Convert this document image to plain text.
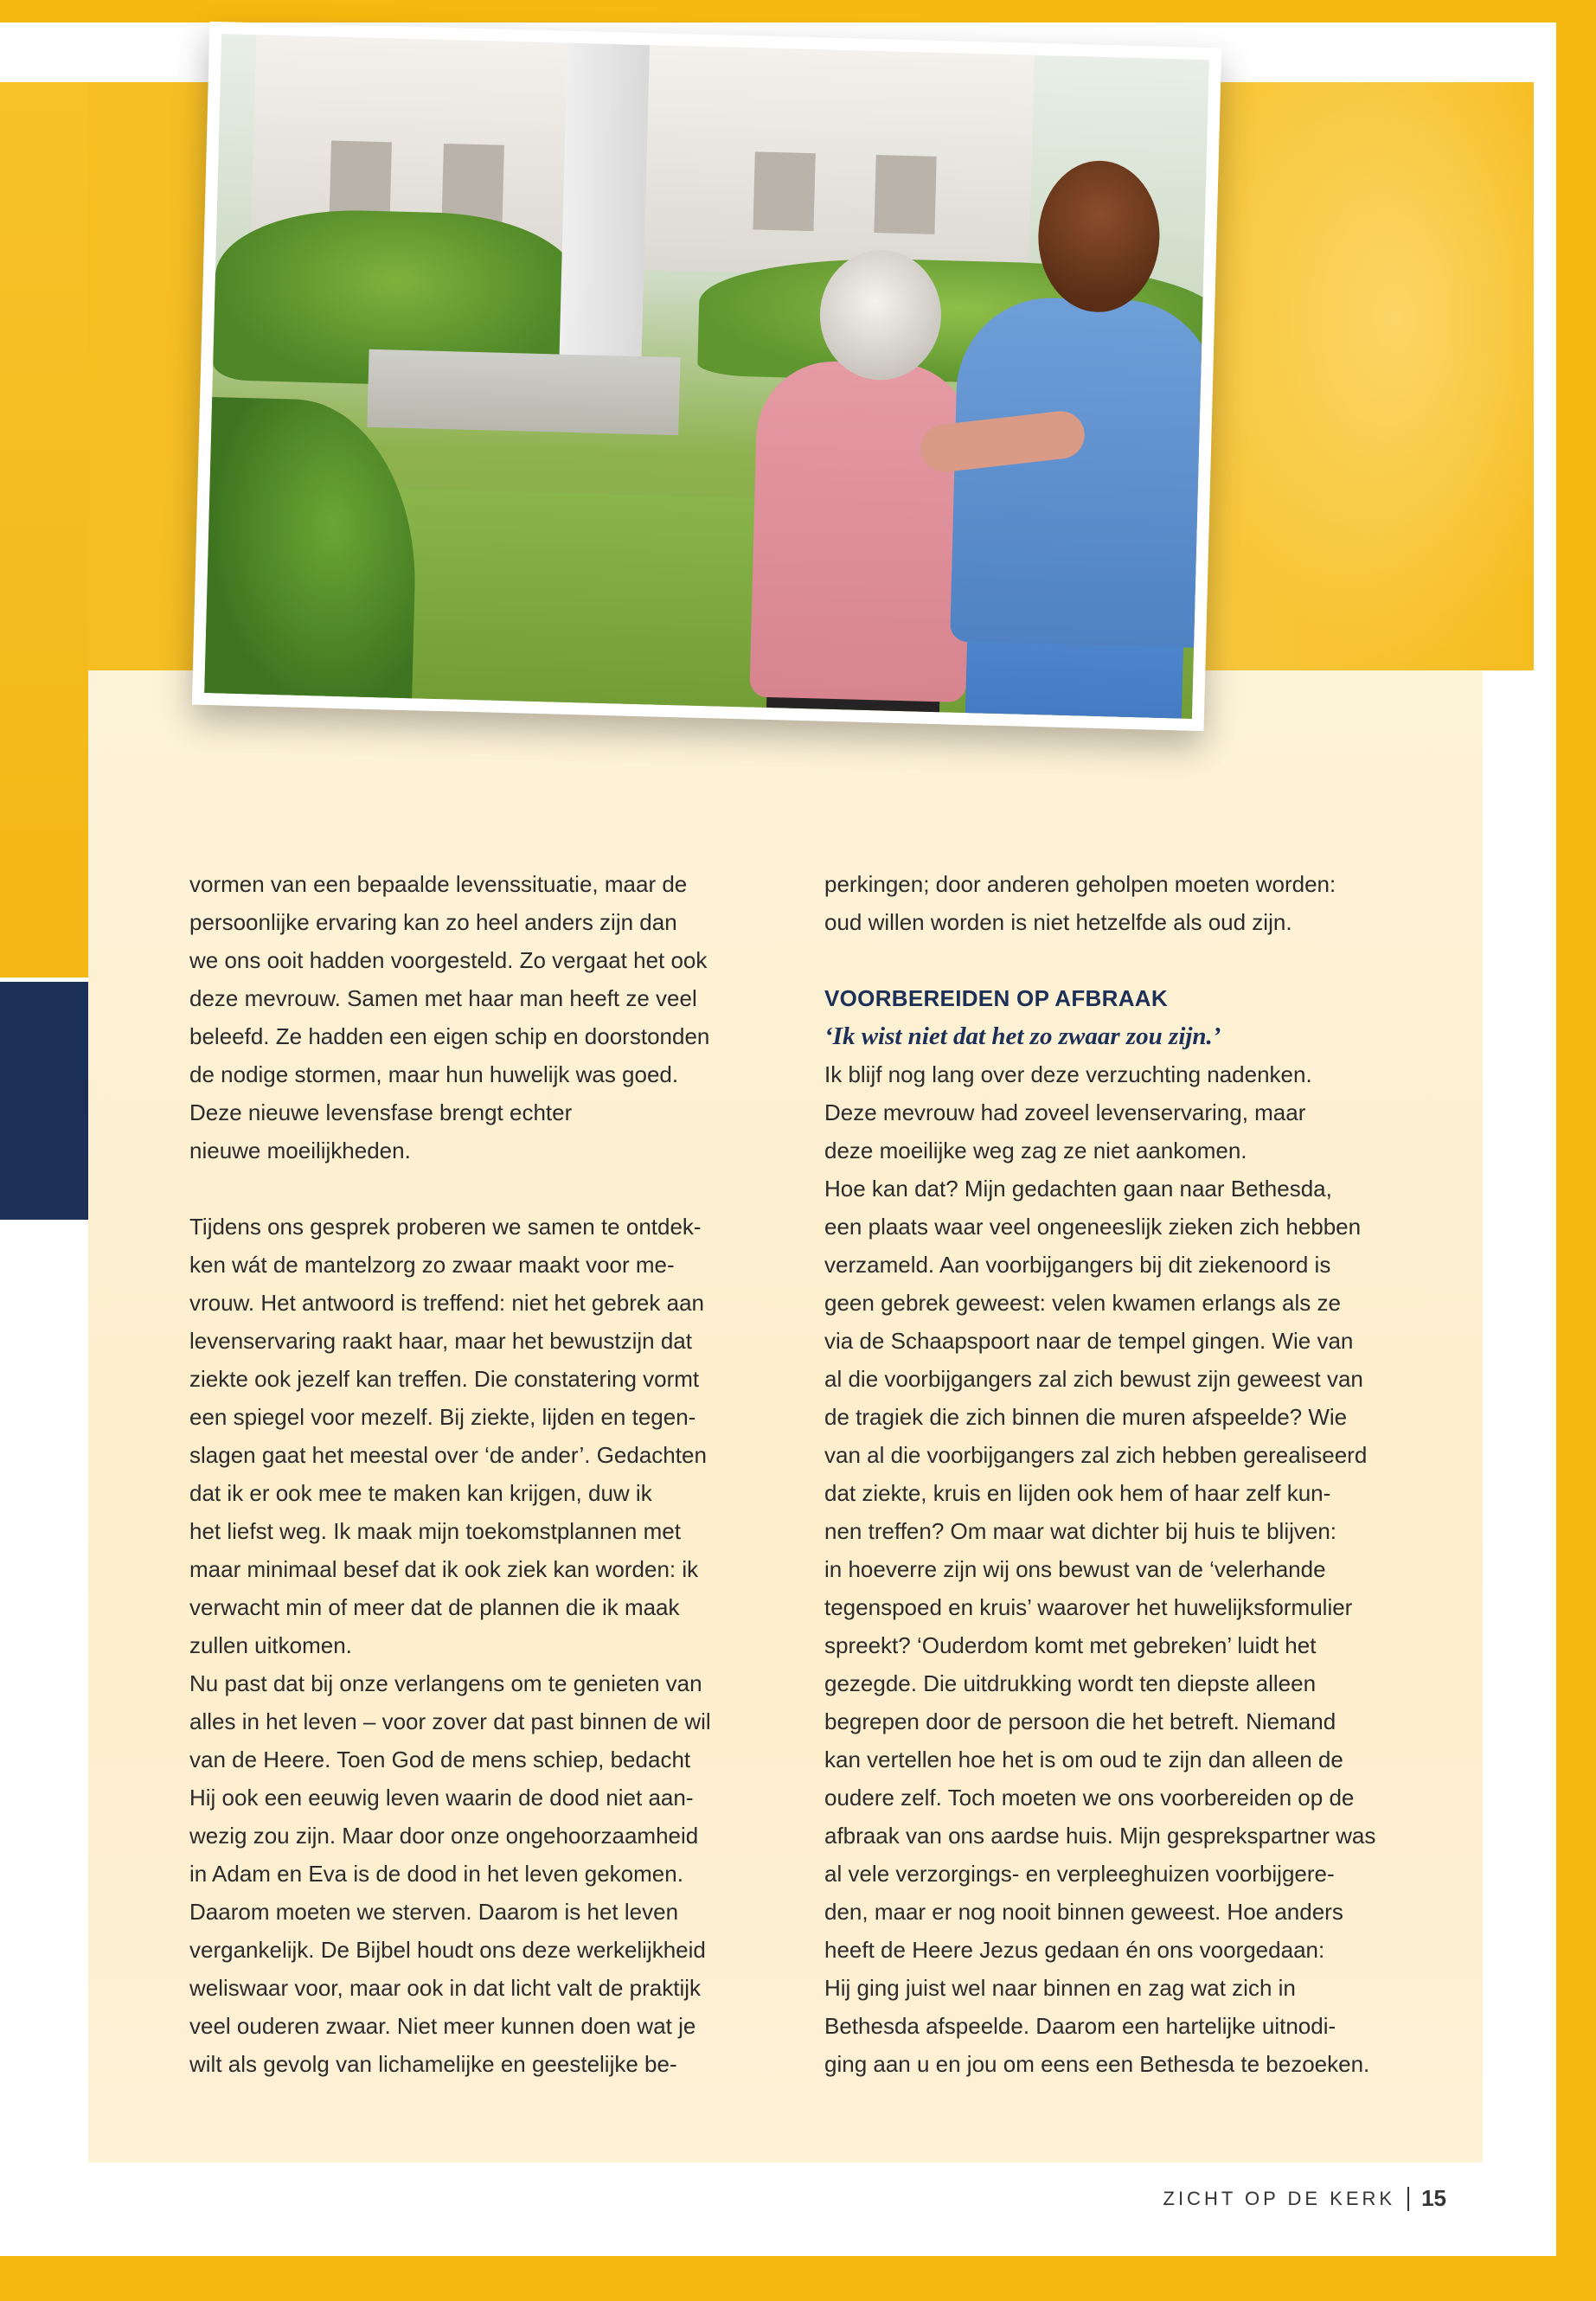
vormen van een bepaalde levenssituatie, maar de
persoonlijke ervaring kan zo heel anders zijn dan
we ons ooit hadden voorgesteld. Zo vergaat het ook
deze mevrouw. Samen met haar man heeft ze veel
beleefd. Ze hadden een eigen schip en doorstonden
de nodige stormen, maar hun huwelijk was goed.
Deze nieuwe levensfase brengt echter
nieuwe moeilijkheden.
Tijdens ons gesprek proberen we samen te ontdek-
ken wát de mantelzorg zo zwaar maakt voor me-
vrouw. Het antwoord is treffend: niet het gebrek aan
levenservaring raakt haar, maar het bewustzijn dat
ziekte ook jezelf kan treffen. Die constatering vormt
een spiegel voor mezelf. Bij ziekte, lijden en tegen-
slagen gaat het meestal over ‘de ander’. Gedachten
dat ik er ook mee te maken kan krijgen, duw ik
het liefst weg. Ik maak mijn toekomstplannen met
maar minimaal besef dat ik ook ziek kan worden: ik
verwacht min of meer dat de plannen die ik maak
zullen uitkomen.
Nu past dat bij onze verlangens om te genieten van
alles in het leven – voor zover dat past binnen de wil
van de Heere. Toen God de mens schiep, bedacht
Hij ook een eeuwig leven waarin de dood niet aan-
wezig zou zijn. Maar door onze ongehoorzaamheid
in Adam en Eva is de dood in het leven gekomen.
Daarom moeten we sterven. Daarom is het leven
vergankelijk. De Bijbel houdt ons deze werkelijkheid
weliswaar voor, maar ook in dat licht valt de praktijk
veel ouderen zwaar. Niet meer kunnen doen wat je
wilt als gevolg van lichamelijke en geestelijke be-
perkingen; door anderen geholpen moeten worden:
oud willen worden is niet hetzelfde als oud zijn.
VOORBEREIDEN OP AFBRAAK
‘Ik wist niet dat het zo zwaar zou zijn.’
Ik blijf nog lang over deze verzuchting nadenken.
Deze mevrouw had zoveel levenservaring, maar
deze moeilijke weg zag ze niet aankomen.
Hoe kan dat? Mijn gedachten gaan naar Bethesda,
een plaats waar veel ongeneeslijk zieken zich hebben
verzameld. Aan voorbijgangers bij dit ziekenoord is
geen gebrek geweest: velen kwamen erlangs als ze
via de Schaapspoort naar de tempel gingen. Wie van
al die voorbijgangers zal zich bewust zijn geweest van
de tragiek die zich binnen die muren afspeelde? Wie
van al die voorbijgangers zal zich hebben gerealiseerd
dat ziekte, kruis en lijden ook hem of haar zelf kun-
nen treffen? Om maar wat dichter bij huis te blijven:
in hoeverre zijn wij ons bewust van de ‘velerhande
tegenspoed en kruis’ waarover het huwelijksformulier
spreekt? ‘Ouderdom komt met gebreken’ luidt het
gezegde. Die uitdrukking wordt ten diepste alleen
begrepen door de persoon die het betreft. Niemand
kan vertellen hoe het is om oud te zijn dan alleen de
oudere zelf. Toch moeten we ons voorbereiden op de
afbraak van ons aardse huis. Mijn gesprekspartner was
al vele verzorgings- en verpleeghuizen voorbijgere-
den, maar er nog nooit binnen geweest. Hoe anders
heeft de Heere Jezus gedaan én ons voorgedaan:
Hij ging juist wel naar binnen en zag wat zich in
Bethesda afspeelde. Daarom een hartelijke uitnodi-
ging aan u en jou om eens een Bethesda te bezoeken.
ZICHT OP DE KERK 15
